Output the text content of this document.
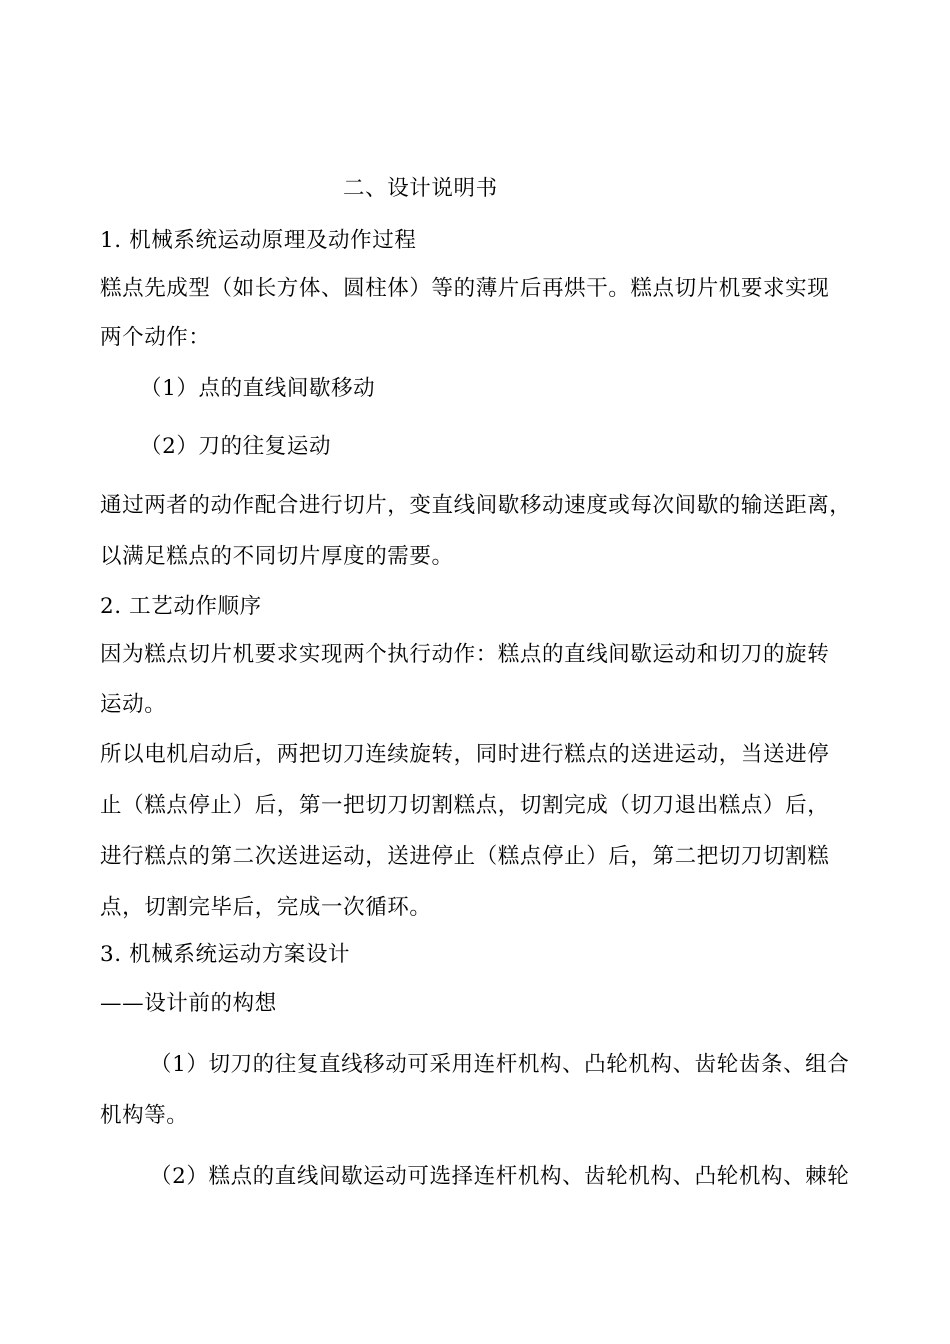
二、设计说明书
1. 机械系统运动原理及动作过程
糕点先成型（如长方体、圆柱体）等的薄片后再烘干。糕点切片机要求实现
两个动作：
（1）点的直线间歇移动
（2）刀的往复运动
通过两者的动作配合进行切片，变直线间歇移动速度或每次间歇的输送距离，
以满足糕点的不同切片厚度的需要。
2. 工艺动作顺序
因为糕点切片机要求实现两个执行动作：糕点的直线间歇运动和切刀的旋转
运动。
所以电机启动后，两把切刀连续旋转，同时进行糕点的送进运动，当送进停
止（糕点停止）后，第一把切刀切割糕点，切割完成（切刀退出糕点）后，
进行糕点的第二次送进运动，送进停止（糕点停止）后，第二把切刀切割糕
点，切割完毕后，完成一次循环。
3. 机械系统运动方案设计
——设计前的构想
（1）切刀的往复直线移动可采用连杆机构、凸轮机构、齿轮齿条、组合
机构等。
（2）糕点的直线间歇运动可选择连杆机构、齿轮机构、凸轮机构、棘轮
